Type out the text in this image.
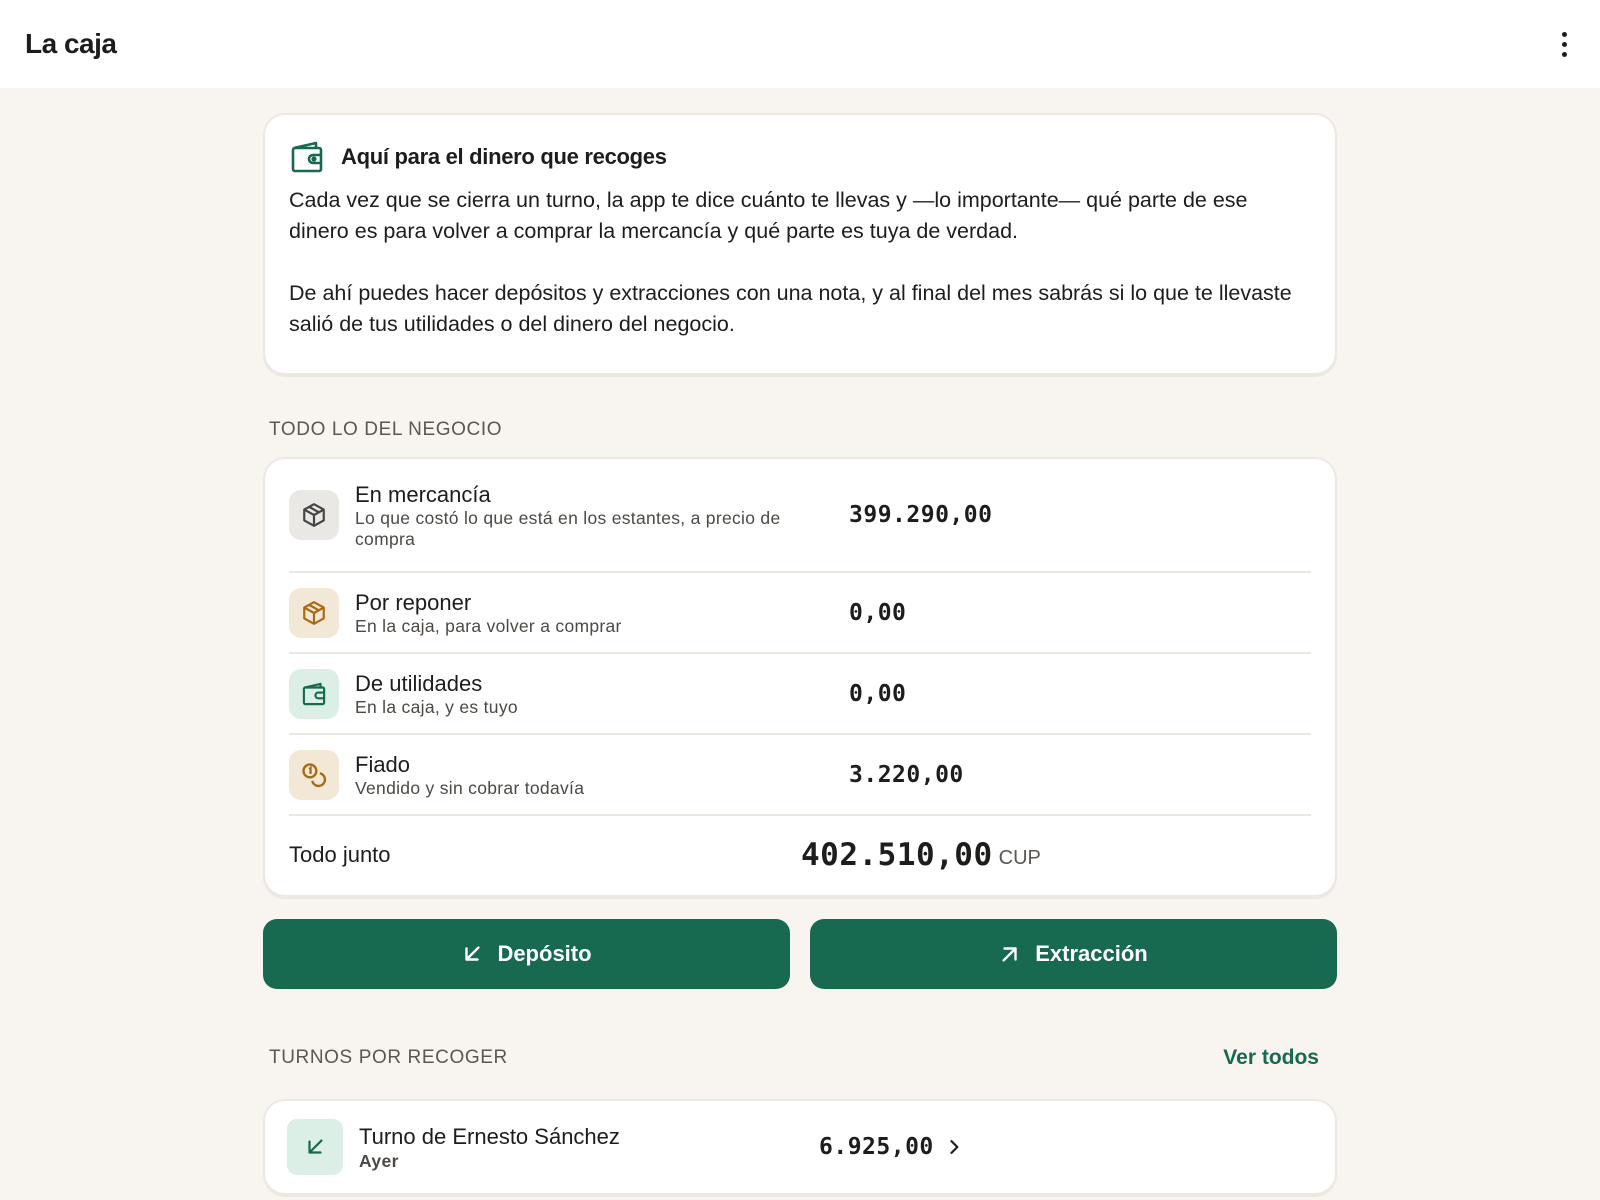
La caja
Aquí para el dinero que recoges

Cada vez que se cierra un turno, la app te dice cuánto te llevas y —lo importante— qué parte de ese dinero es para volver a comprar la mercancía y qué parte es tuya de verdad.

De ahí puedes hacer depósitos y extracciones con una nota, y al final del mes sabrás si lo que te llevaste salió de tus utilidades o del dinero del negocio.

TODO LO DEL NEGOCIO
En mercancía
Lo que costó lo que está en los estantes, a precio de compra
399.290,00
Por reponer
En la caja, para volver a comprar	0,00
De utilidades
En la caja, y es tuyo	0,00
Fiado
Vendido y sin cobrar todavía	3.220,00
Todo junto	402.510,00 CUP
Depósito	Extracción
TURNOS POR RECOGER	Ver todos
Turno de Ernesto Sánchez
Ayer
6.925,00
